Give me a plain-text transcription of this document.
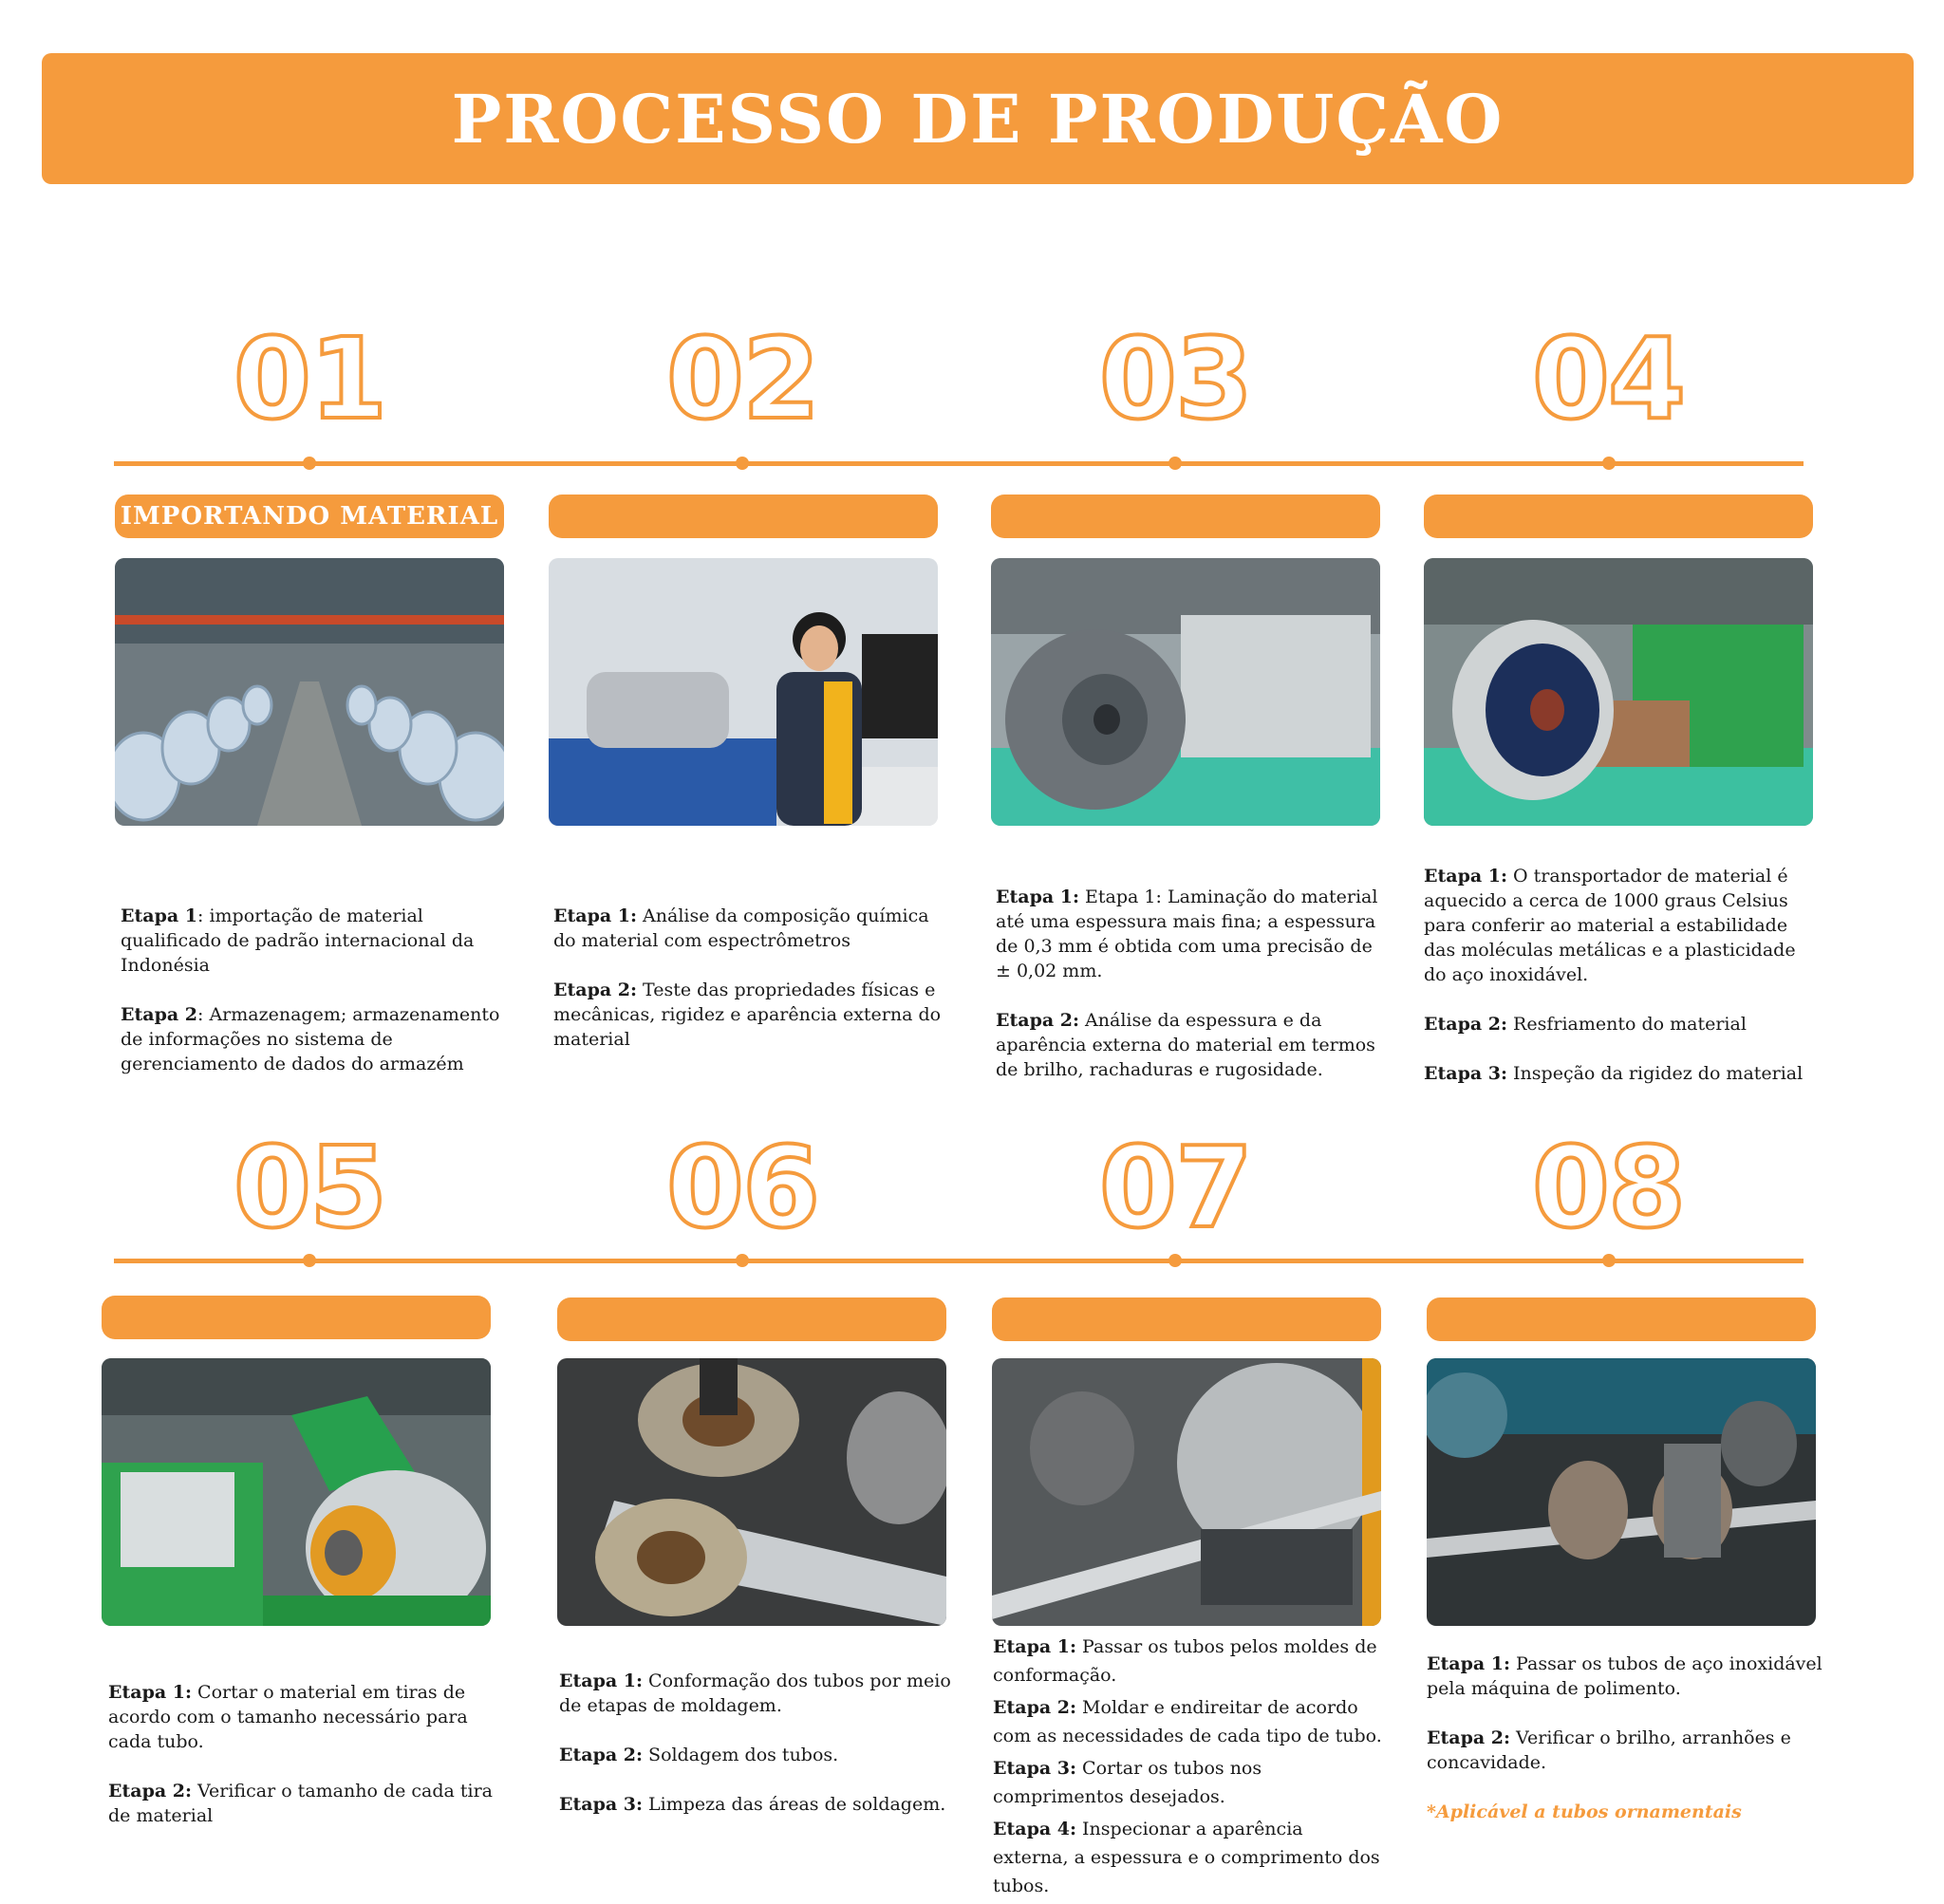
PROCESSO DE PRODUÇÃO
01	02	03	04
05	06	07	08
IMPORTANDO MATERIAL

Etapa 1: importação de material qualificado de padrão internacional da Indonésia

Etapa 2: Armazenagem; armazenamento de informações no sistema de gerenciamento de dados do armazém

Etapa 1: Análise da composição química do material com espectrômetros

Etapa 2: Teste das propriedades físicas e mecânicas, rigidez e aparência externa do material

Etapa 1: Etapa 1: Laminação do material até uma espessura mais fina; a espessura de 0,3 mm é obtida com uma precisão de ± 0,02 mm.

Etapa 2: Análise da espessura e da aparência externa do material em termos de brilho, rachaduras e rugosidade.

Etapa 1: O transportador de material é aquecido a cerca de 1000 graus Celsius para conferir ao material a estabilidade das moléculas metálicas e a plasticidade do aço inoxidável.

Etapa 2: Resfriamento do material

Etapa 3: Inspeção da rigidez do material

Etapa 1: Cortar o material em tiras de acordo com o tamanho necessário para cada tubo.

Etapa 2: Verificar o tamanho de cada tira de material

Etapa 1: Conformação dos tubos por meio de etapas de moldagem.

Etapa 2: Soldagem dos tubos.

Etapa 3: Limpeza das áreas de soldagem.

Etapa 1: Passar os tubos pelos moldes de conformação.

Etapa 2: Moldar e endireitar de acordo com as necessidades de cada tipo de tubo.

Etapa 3: Cortar os tubos nos comprimentos desejados.

Etapa 4: Inspecionar a aparência externa, a espessura e o comprimento dos tubos.

Etapa 1: Passar os tubos de aço inoxidável pela máquina de polimento.

Etapa 2: Verificar o brilho, arranhões e concavidade.

*Aplicável a tubos ornamentais
